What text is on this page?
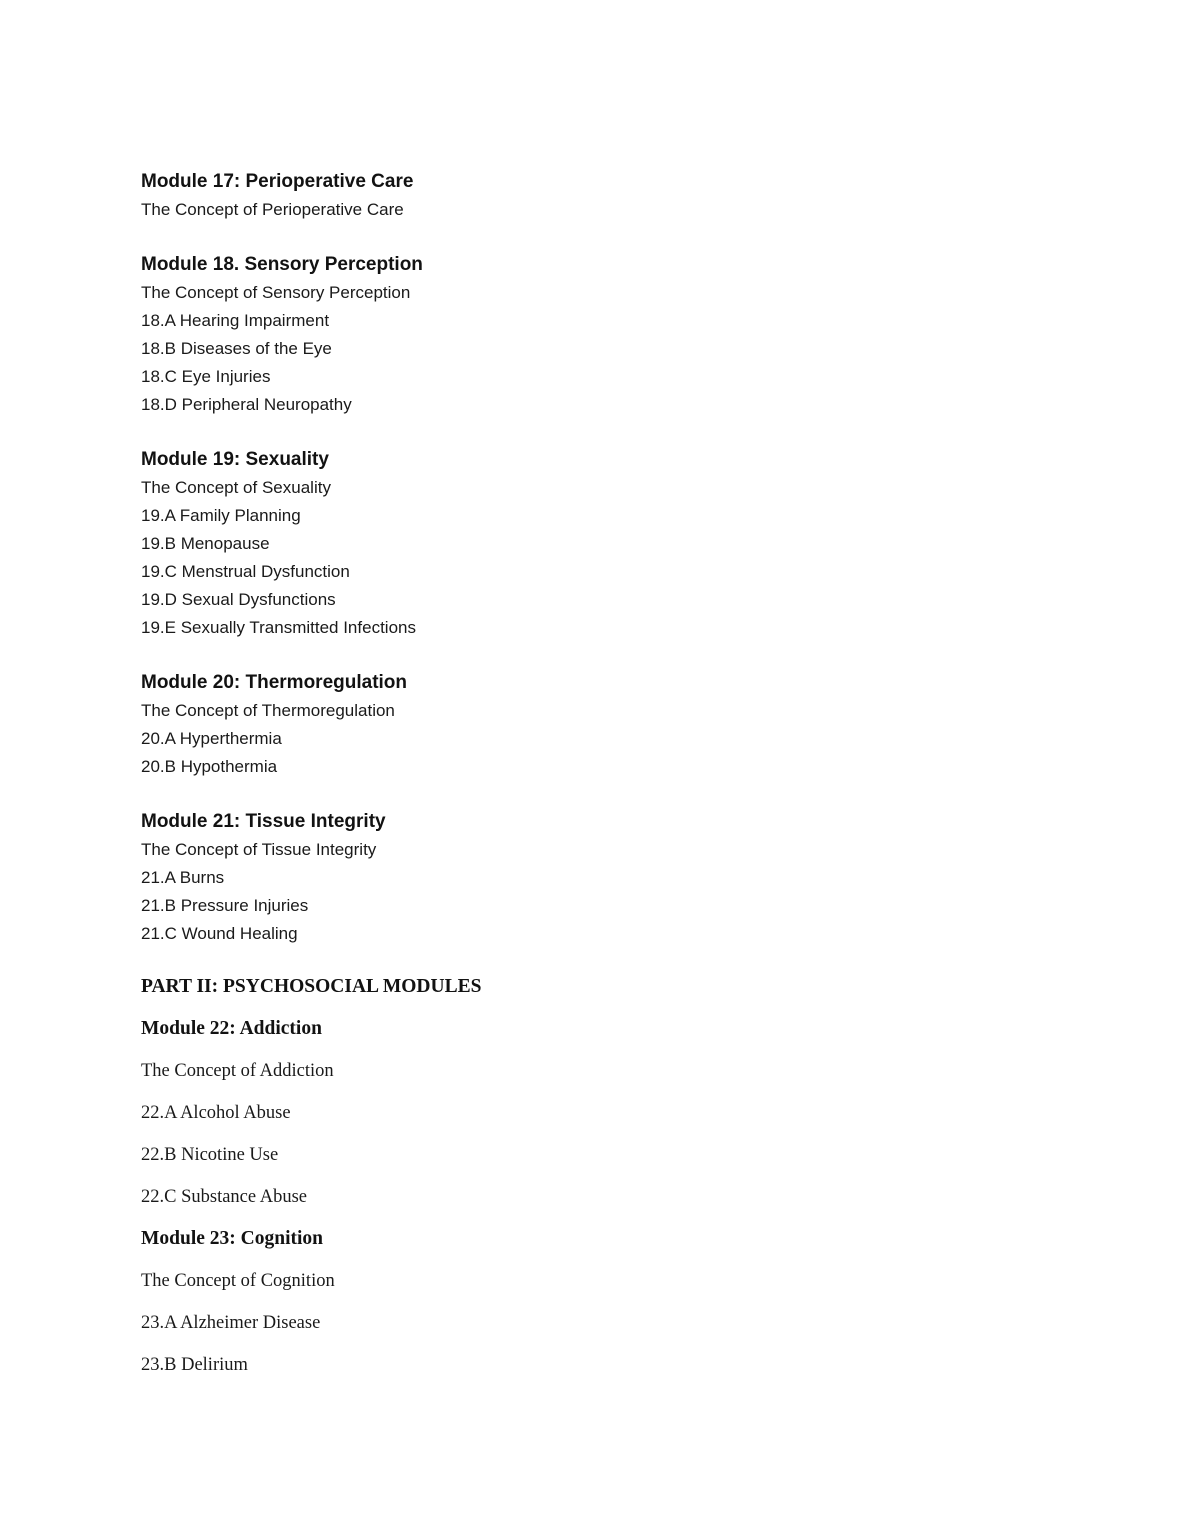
Module 17: Perioperative Care
The Concept of Perioperative Care
Module 18. Sensory Perception
The Concept of Sensory Perception
18.A Hearing Impairment
18.B Diseases of the Eye
18.C Eye Injuries
18.D Peripheral Neuropathy
Module 19: Sexuality
The Concept of Sexuality
19.A Family Planning
19.B Menopause
19.C Menstrual Dysfunction
19.D Sexual Dysfunctions
19.E Sexually Transmitted Infections
Module 20: Thermoregulation
The Concept of Thermoregulation
20.A Hyperthermia
20.B Hypothermia
Module 21: Tissue Integrity
The Concept of Tissue Integrity
21.A Burns
21.B Pressure Injuries
21.C Wound Healing
PART II: PSYCHOSOCIAL MODULES
Module 22: Addiction
The Concept of Addiction
22.A Alcohol Abuse
22.B Nicotine Use
22.C Substance Abuse
Module 23: Cognition
The Concept of Cognition
23.A Alzheimer Disease
23.B Delirium
